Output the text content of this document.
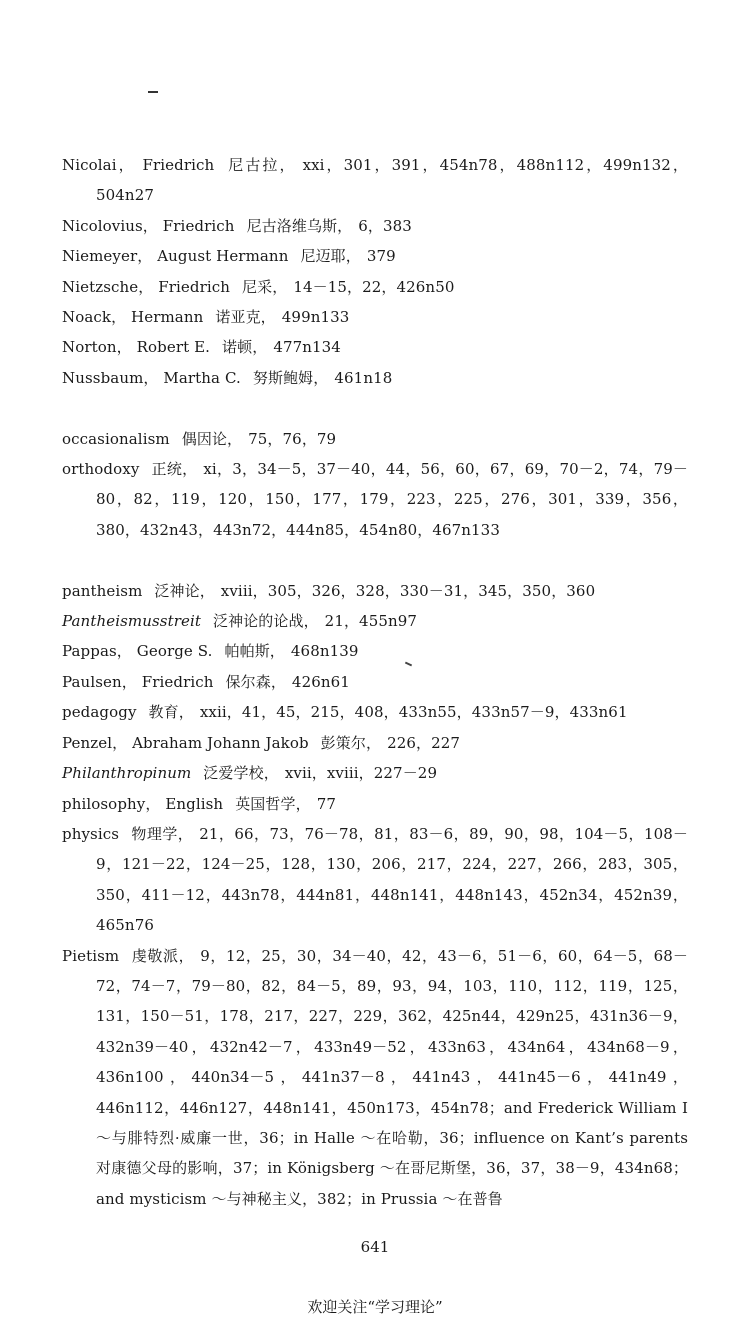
Nicolai， Friedrich 尼古拉， xxi，301，391，454n78，488n112，499n132，504n27

Nicolovius， Friedrich 尼古洛维乌斯， 6，383

Niemeyer， August Hermann 尼迈耶， 379

Nietzsche， Friedrich 尼采， 14－15，22，426n50

Noack， Hermann 诺亚克， 499n133

Norton， Robert E. 诺顿， 477n134

Nussbaum， Martha C. 努斯鲍姆， 461n18

occasionalism 偶因论， 75，76，79

orthodoxy 正统， xi，3，34－5，37－40，44，56，60，67，69，70－2，74，79－80，82，119，120，150，177，179，223，225，276，301，339，356，380，432n43，443n72，444n85，454n80，467n133

pantheism 泛神论， xviii，305，326，328，330－31，345，350，360

Pantheismusstreit 泛神论的论战， 21，455n97

Pappas， George S. 帕帕斯， 468n139

Paulsen， Friedrich 保尔森， 426n61

pedagogy 教育， xxii，41，45，215，408，433n55，433n57－9，433n61

Penzel， Abraham Johann Jakob 彭策尔， 226，227

Philanthropinum 泛爱学校， xvii，xviii，227－29

philosophy， English 英国哲学， 77

physics 物理学， 21，66，73，76－78，81，83－6，89，90，98，104－5，108－9，121－22，124－25，128，130，206，217，224，227，266，283，305，350，411－12，443n78，444n81，448n141，448n143，452n34，452n39，465n76

Pietism 虔敬派， 9，12，25，30，34－40，42，43－6，51－6，60，64－5，68－72，74－7，79－80，82，84－5，89，93，94，103，110，112，119，125，131，150－51，178，217，227，229，362，425n44，429n25，431n36－9，432n39－40，432n42－7，433n49－52，433n63，434n64，434n68－9，436n100，440n34－5，441n37－8，441n43，441n45－6，441n49，446n112，446n127，448n141，450n173，454n78；and Frederick William I ～与腓特烈·威廉一世，36；in Halle ～在哈勒，36；influence on Kant’s parents 对康德父母的影响，37；in Königsberg ～在哥尼斯堡，36，37，38－9，434n68；and mysticism ～与神秘主义，382；in Prussia ～在普鲁

641
欢迎关注“学习理论”
